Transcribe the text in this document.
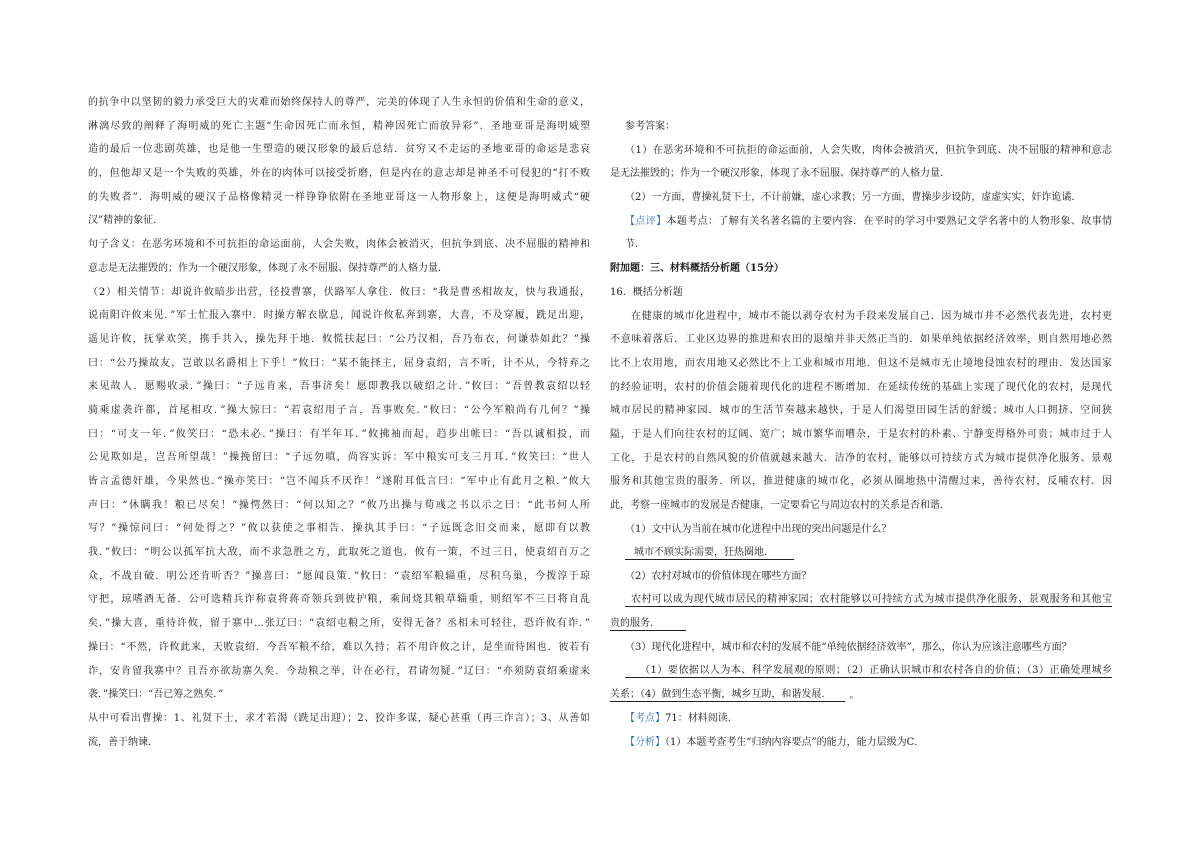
的抗争中以坚韧的毅力承受巨大的灾难而始终保持人的尊严，完美的体现了人生永恒的价值和生命的意义，
淋漓尽致的阐释了海明威的死亡主题“生命因死亡而永恒，精神因死亡而放异彩”．圣地亚哥是海明威塑
造的最后一位悲剧英雄，也是他一生塑造的硬汉形象的最后总结．贫穷又不走运的圣地亚哥的命运是悲哀
的，但他却又是一个失败的英雄，外在的肉体可以接受折磨，但是内在的意志却是神圣不可侵犯的“打不败
的失败者”．海明威的硬汉子品格像精灵一样铮铮依附在圣地亚哥这一人物形象上，这便是海明威式“硬
汉”精神的象征．
句子含义：在恶劣环境和不可抗拒的命运面前，人会失败，肉体会被消灭，但抗争到底、决不屈服的精神和
意志是无法摧毁的；作为一个硬汉形象，体现了永不屈服、保持尊严的人格力量．
（2）相关情节：却说许攸暗步出营，径投曹寨，伏路军人拿住．攸曰：“我是曹丞相故友，快与我通报，
说南阳许攸来见．”军士忙报入寨中．时操方解衣歇息，闻说许攸私奔到寨，大喜，不及穿履，跣足出迎，
遥见许攸，抚掌欢笑，携手共入，操先拜于地．攸慌扶起曰：“公乃汉相，吾乃布衣，何谦恭如此？”操
曰：“公乃操故友，岂敢以名爵相上下乎！”攸曰：“某不能择主，屈身袁绍，言不听，计不从，今特弃之
来见故人．愿赐收录．”操曰：“子远肯来，吾事济矣！愿即教我以破绍之计．”攸曰：“吾曾教袁绍以轻
骑乘虚袭许都，首尾相攻．”操大惊曰：“若袁绍用子言，吾事败矣．”攸曰：“公今军粮尚有几何？”操
曰：“可支一年．”攸笑曰：“恐未必．”操曰：有半年耳．”攸拂袖而起，趋步出帐曰：“吾以诚相投，而
公见欺如是，岂吾所望哉！”操挽留曰：“子远勿嗔，尚容实诉：军中粮实可支三月耳．”攸笑曰：“世人
皆言孟德奸雄，今果然也．”操亦笑曰：“岂不闻兵不厌诈！”遂附耳低言曰：“军中止有此月之粮．”攸大
声曰：“休瞒我！粮已尽矣！”操愕然曰：“何以知之？”攸乃出操与荀彧之书以示之曰：“此书何人所
写？”操惊问曰：“何处得之？”攸以获使之事相告．操执其手曰：“子远既念旧交而来，愿即有以教
我．”攸曰：“明公以孤军抗大敌，而不求急胜之方，此取死之道也．攸有一策，不过三日，使袁绍百万之
众，不战自破．明公还肯听否？”操喜曰：“愿闻良策．”攸曰：“袁绍军粮辎重，尽积乌巢，今拨淳于琼
守把，琼嗜酒无备．公可选精兵诈称袁将蒋奇领兵到彼护粮，乘间烧其粮草辎重，则绍军不三日将自乱
矣．”操大喜，重待许攸，留于寨中…张辽曰：“袁绍屯粮之所，安得无备？丞相未可轻往，恐许攸有诈．”
操曰：“不然，许攸此来，天败袁绍．今吾军粮不给，难以久持；若不用许攸之计，是坐而待困也．彼若有
诈，安肯留我寨中？且吾亦欲劫寨久矣．今劫粮之举，计在必行，君请勿疑．”辽曰：“亦须防袁绍乘虚来
袭．”操笑曰：“吾已筹之熟矣．”
从中可看出曹操：1、礼贤下士，求才若渴（跣足出迎）；2、狡诈多谋，疑心甚重（再三诈言）；3、从善如
流，善于纳谏．
参考答案：
（1）在恶劣环境和不可抗拒的命运面前，人会失败，肉体会被消灭，但抗争到底、决不屈服的精神和意志
是无法摧毁的；作为一个硬汉形象，体现了永不屈服、保持尊严的人格力量．
（2）一方面，曹操礼贤下士，不计前嫌，虚心求教；另一方面，曹操步步设防，虚虚实实，奸诈诡谲．
【点评】本题考点：了解有关名著名篇的主要内容．在平时的学习中要熟记文学名著中的人物形象、故事情
节．
附加题：三、材料概括分析题（15分）
16．概括分析题
在健康的城市化进程中，城市不能以剥夺农村为手段来发展自己．因为城市并不必然代表先进，农村更
不意味着落后．工业区边界的推进和农田的退缩并非天然正当的．如果单纯依据经济效率，则自然用地必然
比不上农用地，而农用地又必然比不上工业和城市用地．但这不是城市无止境地侵蚀农村的理由．发达国家
的经验证明，农村的价值会随着现代化的进程不断增加．在延续传统的基础上实现了现代化的农村，是现代
城市居民的精神家园．城市的生活节奏越来越快，于是人们渴望田园生活的舒缓；城市人口拥挤、空间狭
隘，于是人们向往农村的辽阔、宽广；城市繁华而嘈杂，于是农村的朴素、宁静变得格外可贵；城市过于人
工化，于是农村的自然风貌的价值就越来越大．洁净的农村，能够以可持续方式为城市提供净化服务、景观
服务和其他宝贵的服务．所以，推进健康的城市化，必须从圈地热中清醒过来，善待农村，反哺农村．因
此，考察一座城市的发展是否健康，一定要看它与周边农村的关系是否和谐．
（1）文中认为当前在城市化进程中出现的突出问题是什么？
城市不顾实际需要，狂热圈地．
（2）农村对城市的价值体现在哪些方面？
农村可以成为现代城市居民的精神家园；农村能够以可持续方式为城市提供净化服务、景观服务和其他宝
贵的服务．
（3）现代化进程中，城市和农村的发展不能“单纯依据经济效率”，那么，你认为应该注意哪些方面？
（1）要依据以人为本、科学发展观的原则；（2）正确认识城市和农村各自的价值；（3）正确处理城乡
关系；（4）做到生态平衡，城乡互助，和谐发展． 。
【考点】71：材料阅读．
【分析】（1）本题考查考生“归纳内容要点”的能力，能力层级为C．
